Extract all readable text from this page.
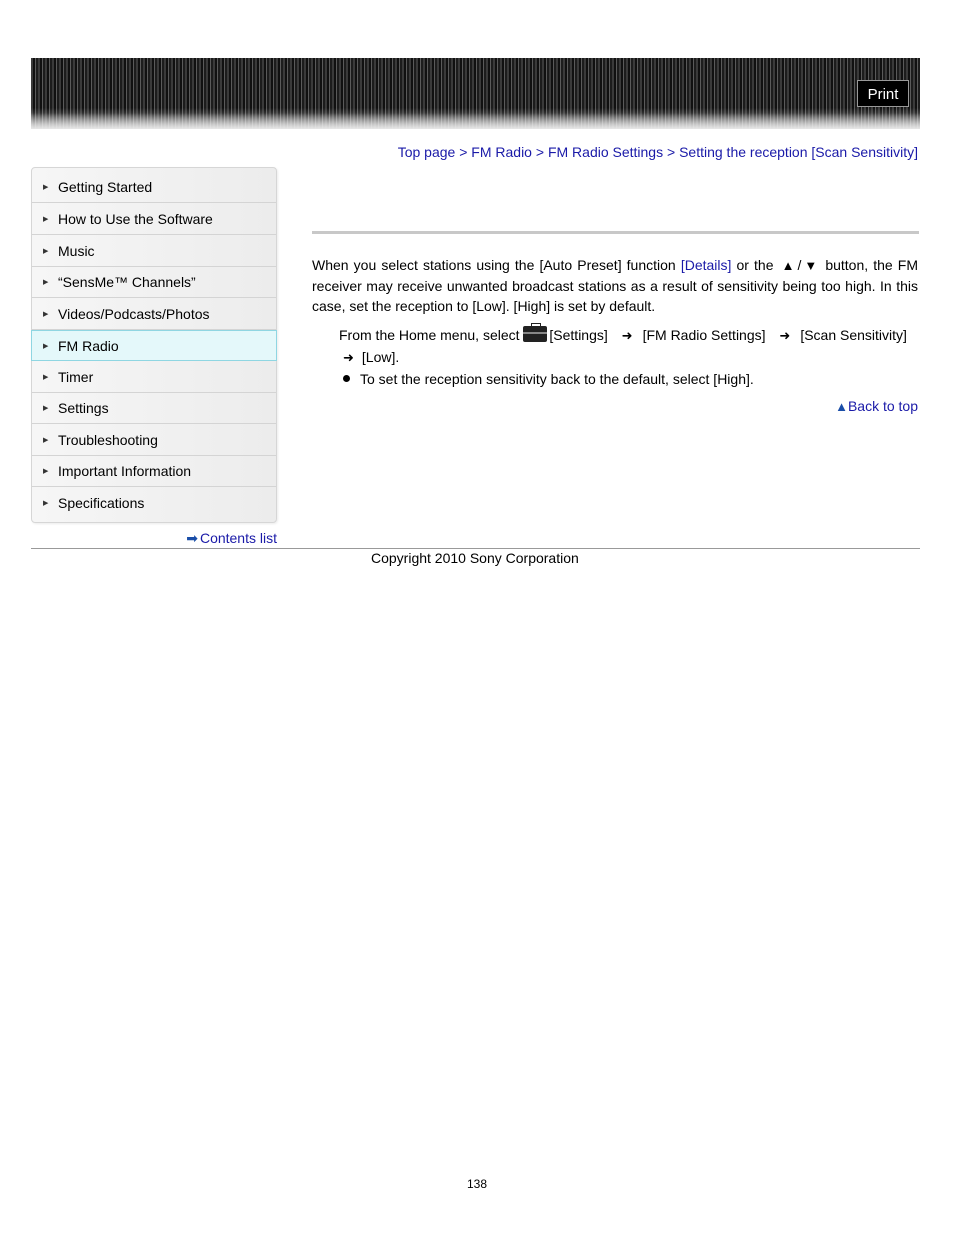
Print
Top page > FM Radio > FM Radio Settings > Setting the reception [Scan Sensitivity]
▶ Getting Started
▶ How to Use the Software
▶ Music
▶ “SensMe™ Channels”
▶ Videos/Podcasts/Photos
▶ FM Radio
▶ Timer
▶ Settings
▶ Troubleshooting
▶ Important Information
▶ Specifications
➡ Contents list
Copyright 2010 Sony Corporation
When you select stations using the [Auto Preset] function [Details] or the ▲ / ▼ button, the FM receiver may receive unwanted broadcast stations as a result of sensitivity being too high. In this case, set the reception to [Low]. [High] is set by default.
From the Home menu, select [Settings] ➜ [FM Radio Settings] ➜ [Scan Sensitivity]
➜ [Low].
To set the reception sensitivity back to the default, select [High].
▲Back to top
138
